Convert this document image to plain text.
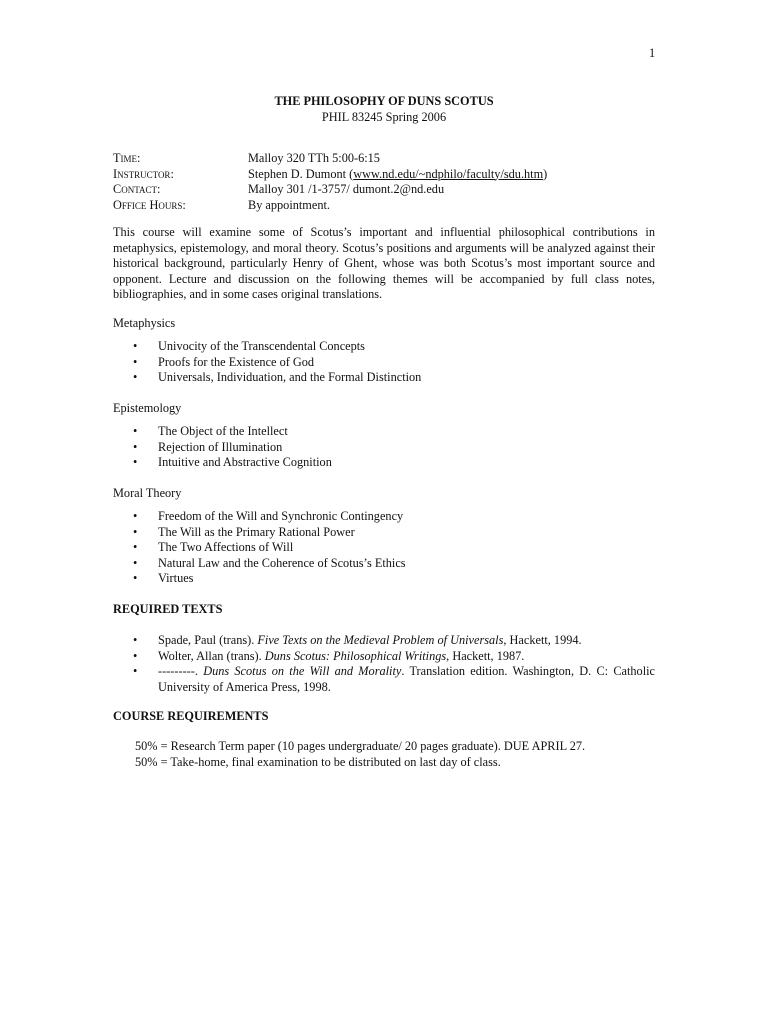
1
THE PHILOSOPHY OF DUNS SCOTUS
PHIL 83245 Spring 2006
Time:	Malloy 320 TTh 5:00-6:15
Instructor:	Stephen D. Dumont (www.nd.edu/~ndphilo/faculty/sdu.htm)
Contact:	Malloy 301 /1-3757/ dumont.2@nd.edu
Office Hours:	By appointment.
This course will examine some of Scotus’s important and influential philosophical contributions in metaphysics, epistemology, and moral theory. Scotus’s positions and arguments will be analyzed against their historical background, particularly Henry of Ghent, whose was both Scotus’s most important source and opponent. Lecture and discussion on the following themes will be accompanied by full class notes, bibliographies, and in some cases original translations.
Metaphysics
• Univocity of the Transcendental Concepts
• Proofs for the Existence of God
• Universals, Individuation, and the Formal Distinction
Epistemology
• The Object of the Intellect
• Rejection of Illumination
• Intuitive and Abstractive Cognition
Moral Theory
• Freedom of the Will and Synchronic Contingency
• The Will as the Primary Rational Power
• The Two Affections of Will
• Natural Law and the Coherence of Scotus’s Ethics
• Virtues
REQUIRED TEXTS
• Spade, Paul (trans). Five Texts on the Medieval Problem of Universals, Hackett, 1994.
• Wolter, Allan (trans). Duns Scotus: Philosophical Writings, Hackett, 1987.
• ---------. Duns Scotus on the Will and Morality. Translation edition. Washington, D. C: Catholic University of America Press, 1998.
COURSE REQUIREMENTS
50% = Research Term paper (10 pages undergraduate/ 20 pages graduate). DUE APRIL 27.
50% = Take-home, final examination to be distributed on last day of class.
